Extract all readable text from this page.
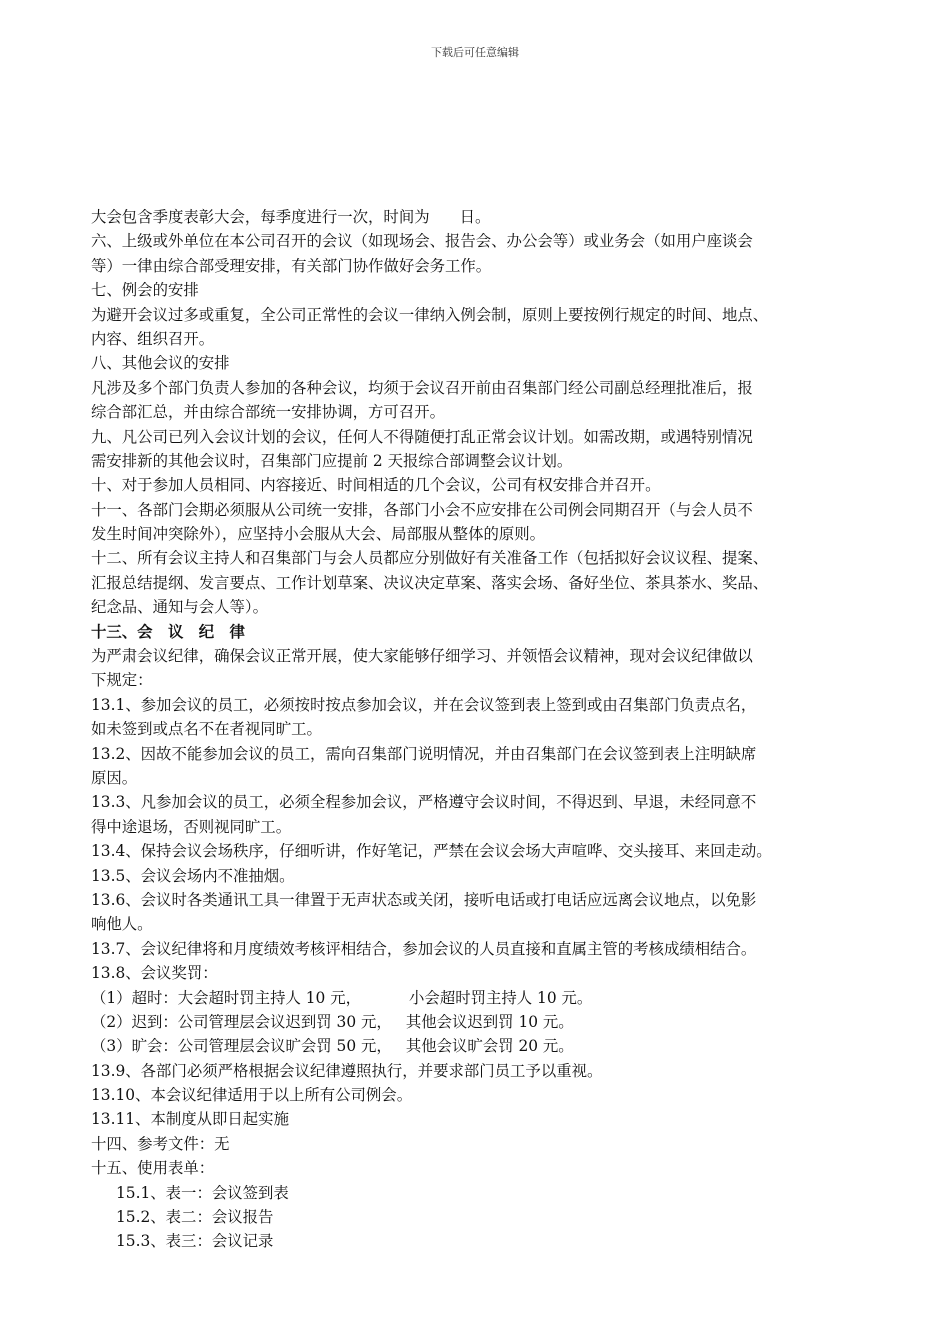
下载后可任意编辑
大会包含季度表彰大会，每季度进行一次，时间为 日。
六、上级或外单位在本公司召开的会议（如现场会、报告会、办公会等）或业务会（如用户座谈会
等）一律由综合部受理安排，有关部门协作做好会务工作。
七、例会的安排
为避开会议过多或重复，全公司正常性的会议一律纳入例会制，原则上要按例行规定的时间、地点、
内容、组织召开。
八、其他会议的安排
凡涉及多个部门负责人参加的各种会议，均须于会议召开前由召集部门经公司副总经理批准后，报
综合部汇总，并由综合部统一安排协调，方可召开。
九、凡公司已列入会议计划的会议，任何人不得随便打乱正常会议计划。如需改期，或遇特别情况
需安排新的其他会议时，召集部门应提前 2 天报综合部调整会议计划。
十、对于参加人员相同、内容接近、时间相适的几个会议，公司有权安排合并召开。
十一、各部门会期必须服从公司统一安排，各部门小会不应安排在公司例会同期召开（与会人员不
发生时间冲突除外），应坚持小会服从大会、局部服从整体的原则。
十二、所有会议主持人和召集部门与会人员都应分别做好有关准备工作（包括拟好会议议程、提案、
汇报总结提纲、发言要点、工作计划草案、决议决定草案、落实会场、备好坐位、茶具茶水、奖品、
纪念品、通知与会人等）。
十三、会　议　纪　律
为严肃会议纪律，确保会议正常开展，使大家能够仔细学习、并领悟会议精神，现对会议纪律做以
下规定：
13.1、参加会议的员工，必须按时按点参加会议，并在会议签到表上签到或由召集部门负责点名，
如未签到或点名不在者视同旷工。
13.2、因故不能参加会议的员工，需向召集部门说明情况，并由召集部门在会议签到表上注明缺席
原因。
13.3、凡参加会议的员工，必须全程参加会议，严格遵守会议时间，不得迟到、早退，未经同意不
得中途退场，否则视同旷工。
13.4、保持会议会场秩序，仔细听讲，作好笔记，严禁在会议会场大声喧哗、交头接耳、来回走动。
13.5、会议会场内不准抽烟。
13.6、会议时各类通讯工具一律置于无声状态或关闭，接听电话或打电话应远离会议地点，以免影
响他人。
13.7、会议纪律将和月度绩效考核评相结合，参加会议的人员直接和直属主管的考核成绩相结合。
13.8、会议奖罚：
（1）超时：大会超时罚主持人 10 元，	小会超时罚主持人 10 元。
（2）迟到：公司管理层会议迟到罚 30 元， 其他会议迟到罚 10 元。
（3）旷会：公司管理层会议旷会罚 50 元， 其他会议旷会罚 20 元。
13.9、各部门必须严格根据会议纪律遵照执行，并要求部门员工予以重视。
13.10、本会议纪律适用于以上所有公司例会。
13.11、本制度从即日起实施
十四、参考文件：无
十五、使用表单：
15.1、表一：会议签到表
15.2、表二：会议报告
15.3、表三：会议记录
